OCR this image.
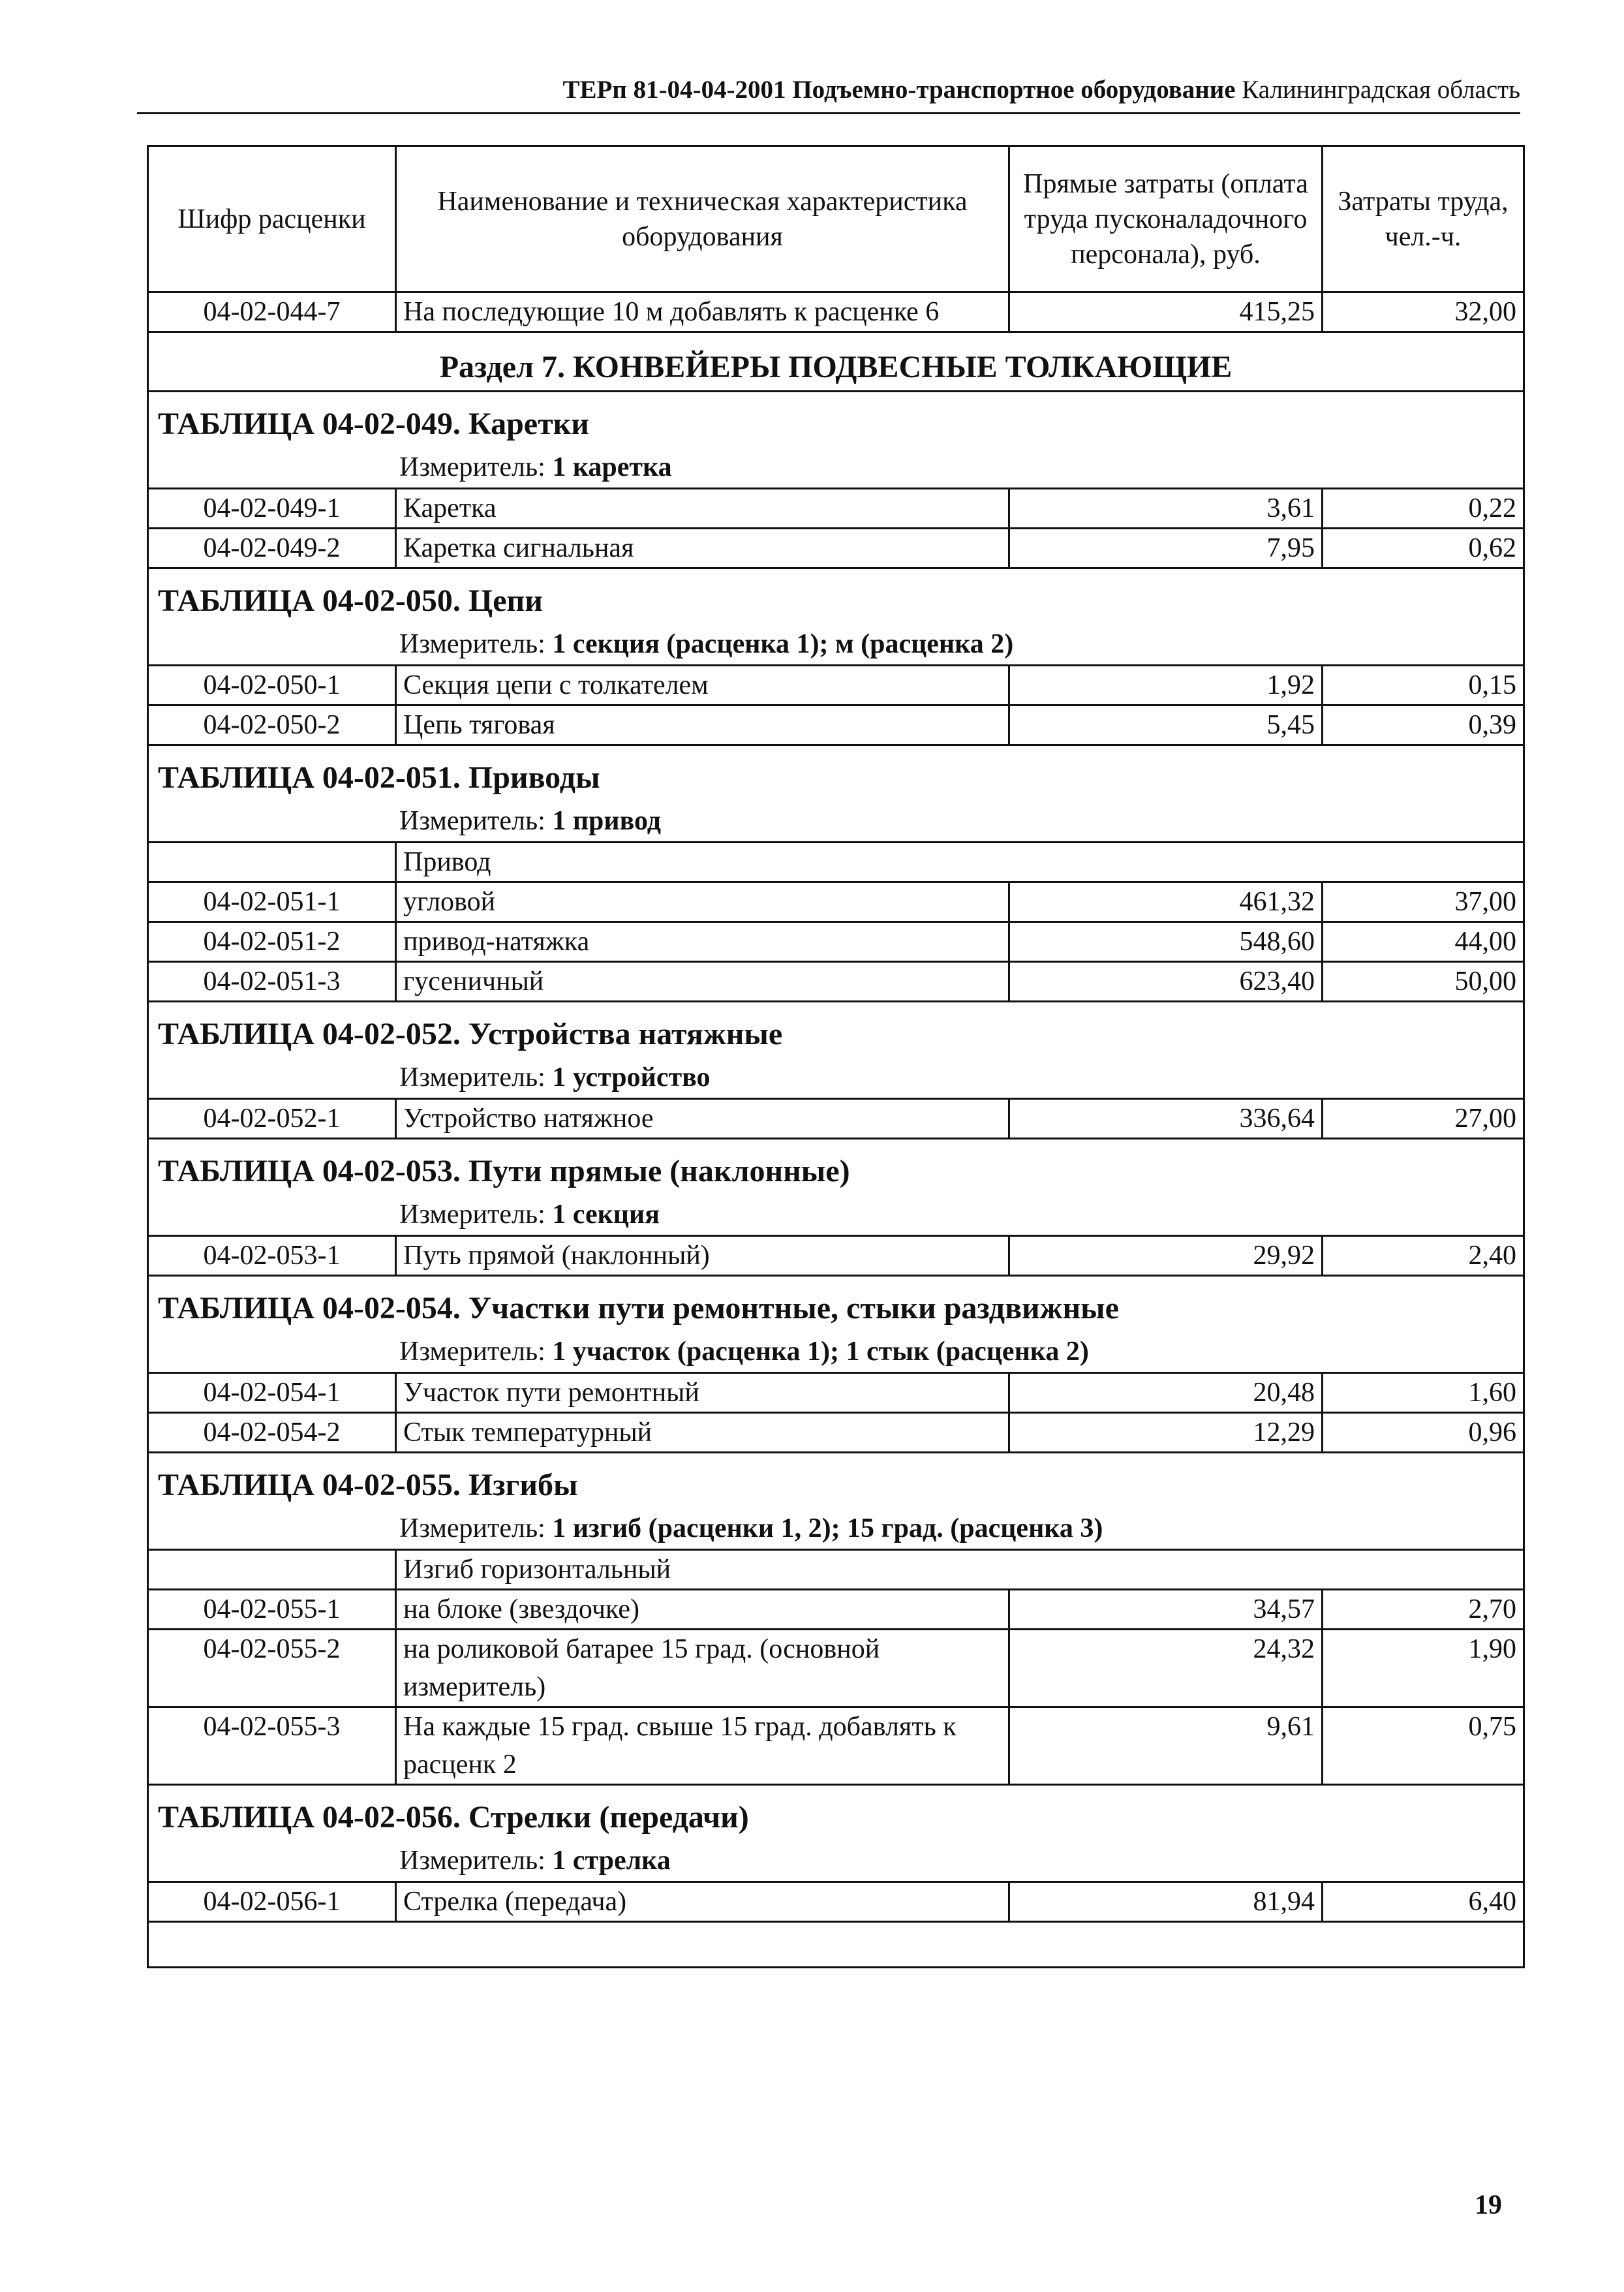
ТЕРп 81-04-04-2001 Подъемно-транспортное оборудование Калининградская область
Шифр расценки	Наименование и техническая характеристика оборудования	Прямые затраты (оплата труда пусконаладочного персонала), руб.	Затраты труда, чел.-ч.
04-02-044-7	На последующие 10 м добавлять к расценке 6	415,25	32,00

Раздел 7. КОНВЕЙЕРЫ ПОДВЕСНЫЕ ТОЛКАЮЩИЕ			

ТАБЛИЦА 04-02-049. Каретки
Измеритель: 1 каретка			

04-02-049-1	Каретка	3,61	0,22
04-02-049-2	Каретка сигнальная	7,95	0,62

ТАБЛИЦА 04-02-050. Цепи
Измеритель: 1 секция (расценка 1); м (расценка 2)			

04-02-050-1	Секция цепи с толкателем	1,92	0,15
04-02-050-2	Цепь тяговая	5,45	0,39

ТАБЛИЦА 04-02-051. Приводы
Измеритель: 1 привод			

	Привод		
04-02-051-1	угловой	461,32	37,00
04-02-051-2	привод-натяжка	548,60	44,00
04-02-051-3	гусеничный	623,40	50,00

ТАБЛИЦА 04-02-052. Устройства натяжные
Измеритель: 1 устройство			

04-02-052-1	Устройство натяжное	336,64	27,00

ТАБЛИЦА 04-02-053. Пути прямые (наклонные)
Измеритель: 1 секция			

04-02-053-1	Путь прямой (наклонный)	29,92	2,40

ТАБЛИЦА 04-02-054. Участки пути ремонтные, стыки раздвижные
Измеритель: 1 участок (расценка 1); 1 стык (расценка 2)			

04-02-054-1	Участок пути ремонтный	20,48	1,60
04-02-054-2	Стык температурный	12,29	0,96

ТАБЛИЦА 04-02-055. Изгибы
Измеритель: 1 изгиб (расценки 1, 2); 15 град. (расценка 3)			

	Изгиб горизонтальный		
04-02-055-1	на блоке (звездочке)	34,57	2,70
04-02-055-2	на роликовой батарее 15 град. (основной измеритель)	24,32	1,90
04-02-055-3	На каждые 15 град. свыше 15 град. добавлять к расценк 2	9,61	0,75

ТАБЛИЦА 04-02-056. Стрелки (передачи)
Измеритель: 1 стрелка			

04-02-056-1	Стрелка (передача)	81,94	6,40

19
